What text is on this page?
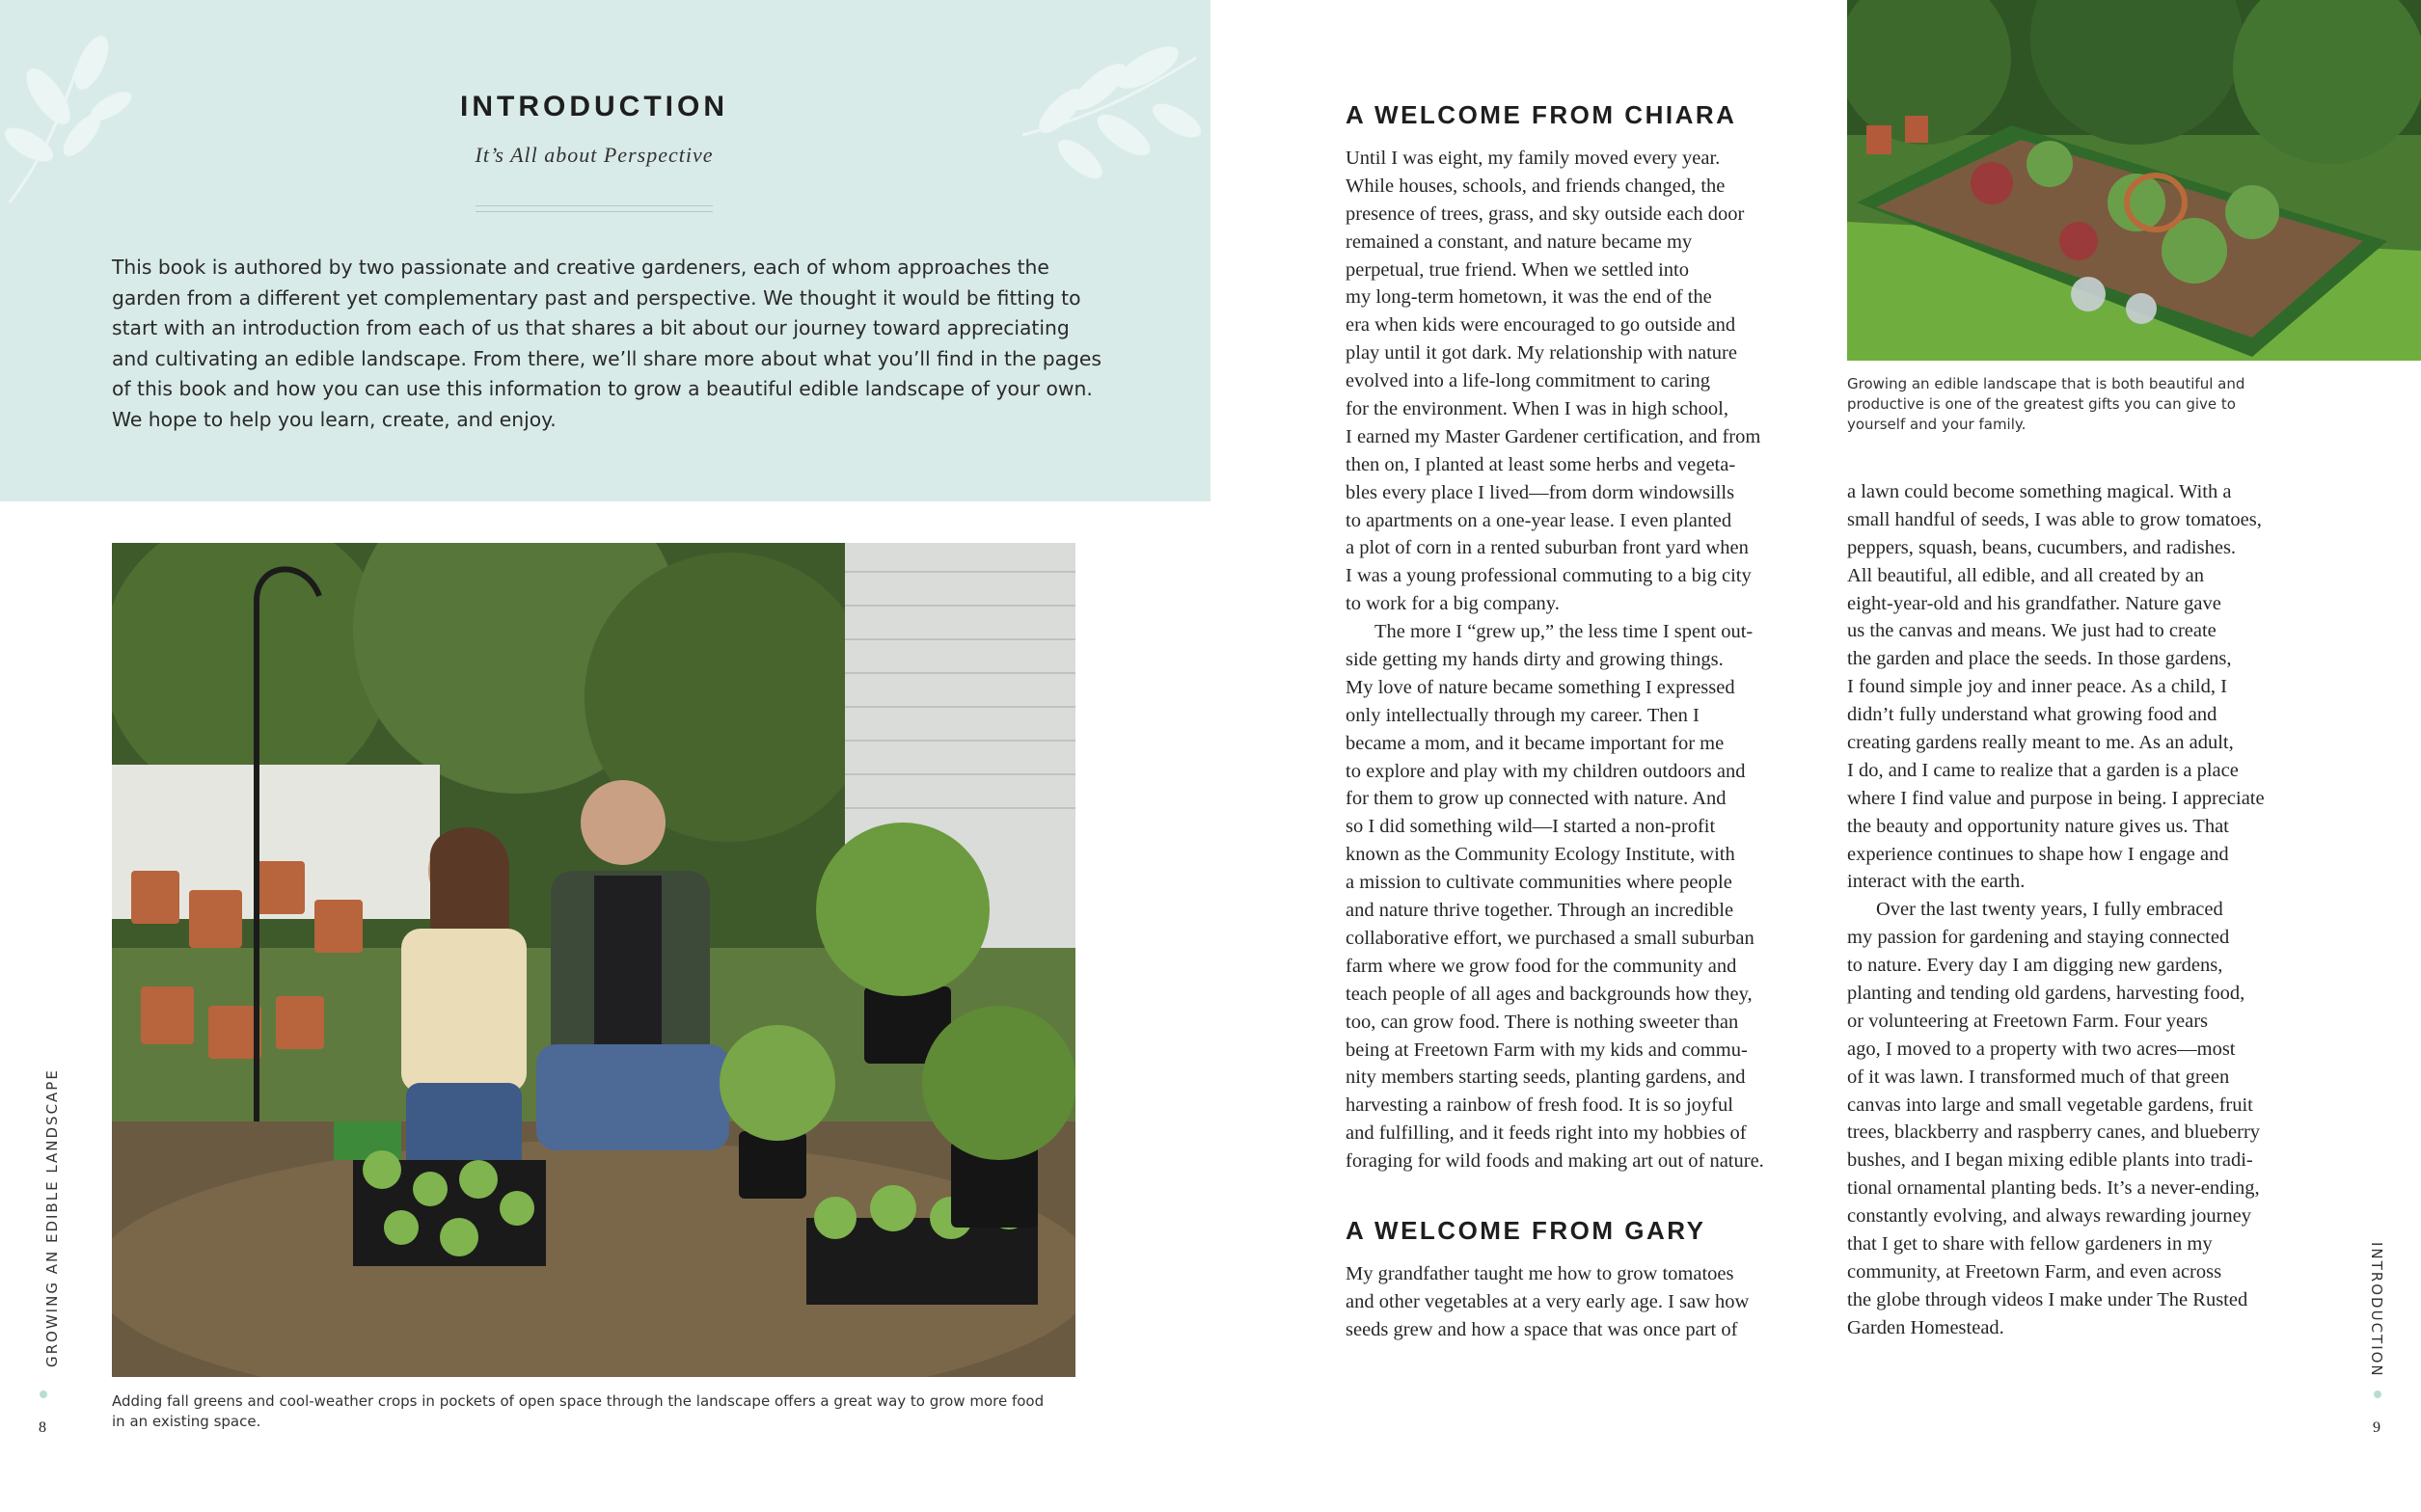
INTRODUCTION
It’s All about Perspective
This book is authored by two passionate and creative gardeners, each of whom approaches the
garden from a different yet complementary past and perspective. We thought it would be fitting to
start with an introduction from each of us that shares a bit about our journey toward appreciating
and cultivating an edible landscape. From there, we’ll share more about what you’ll find in the pages
of this book and how you can use this information to grow a beautiful edible landscape of your own.
We hope to help you learn, create, and enjoy.
Adding fall greens and cool-weather crops in pockets of open space through the landscape offers a great way to grow more food
in an existing space.
GROWING AN EDIBLE LANDSCAPE
8
A WELCOME FROM CHIARA
Until I was eight, my family moved every year.
While houses, schools, and friends changed, the
presence of trees, grass, and sky outside each door
remained a constant, and nature became my
perpetual, true friend. When we settled into
my long-term hometown, it was the end of the
era when kids were encouraged to go outside and
play until it got dark. My relationship with nature
evolved into a life-long commitment to caring
for the environment. When I was in high school,
I earned my Master Gardener certification, and from
then on, I planted at least some herbs and vegeta-
bles every place I lived—from dorm windowsills
to apartments on a one-year lease. I even planted
a plot of corn in a rented suburban front yard when
I was a young professional commuting to a big city
to work for a big company.
The more I “grew up,” the less time I spent out-
side getting my hands dirty and growing things.
My love of nature became something I expressed
only intellectually through my career. Then I
became a mom, and it became important for me
to explore and play with my children outdoors and
for them to grow up connected with nature. And
so I did something wild—I started a non-profit
known as the Community Ecology Institute, with
a mission to cultivate communities where people
and nature thrive together. Through an incredible
collaborative effort, we purchased a small suburban
farm where we grow food for the community and
teach people of all ages and backgrounds how they,
too, can grow food. There is nothing sweeter than
being at Freetown Farm with my kids and commu-
nity members starting seeds, planting gardens, and
harvesting a rainbow of fresh food. It is so joyful
and fulfilling, and it feeds right into my hobbies of
foraging for wild foods and making art out of nature.
A WELCOME FROM GARY
My grandfather taught me how to grow tomatoes
and other vegetables at a very early age. I saw how
seeds grew and how a space that was once part of
Growing an edible landscape that is both beautiful and
productive is one of the greatest gifts you can give to
yourself and your family.
a lawn could become something magical. With a
small handful of seeds, I was able to grow tomatoes,
peppers, squash, beans, cucumbers, and radishes.
All beautiful, all edible, and all created by an
eight-year-old and his grandfather. Nature gave
us the canvas and means. We just had to create
the garden and place the seeds. In those gardens,
I found simple joy and inner peace. As a child, I
didn’t fully understand what growing food and
creating gardens really meant to me. As an adult,
I do, and I came to realize that a garden is a place
where I find value and purpose in being. I appreciate
the beauty and opportunity nature gives us. That
experience continues to shape how I engage and
interact with the earth.
Over the last twenty years, I fully embraced
my passion for gardening and staying connected
to nature. Every day I am digging new gardens,
planting and tending old gardens, harvesting food,
or volunteering at Freetown Farm. Four years
ago, I moved to a property with two acres—most
of it was lawn. I transformed much of that green
canvas into large and small vegetable gardens, fruit
trees, blackberry and raspberry canes, and blueberry
bushes, and I began mixing edible plants into tradi-
tional ornamental planting beds. It’s a never-ending,
constantly evolving, and always rewarding journey
that I get to share with fellow gardeners in my
community, at Freetown Farm, and even across
the globe through videos I make under The Rusted
Garden Homestead.	INTRODUCTION
9
